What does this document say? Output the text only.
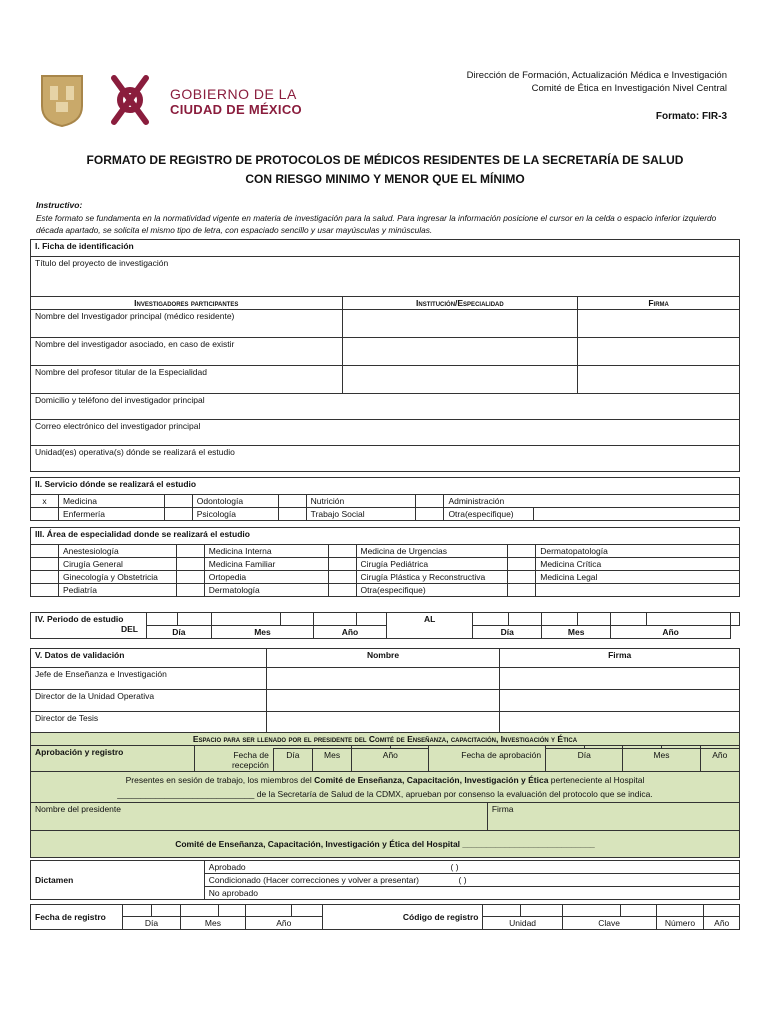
GOBIERNO DE LA
CIUDAD DE MÉXICO
Dirección de Formación, Actualización Médica e Investigación
Comité de Ética en Investigación Nivel Central
Formato: FIR-3
FORMATO DE REGISTRO DE PROTOCOLOS DE MÉDICOS RESIDENTES DE LA SECRETARÍA DE SALUD
CON RIESGO MINIMO Y MENOR QUE EL MÍNIMO
Instructivo:
Este formato se fundamenta en la normatividad vigente en materia de investigación para la salud. Para ingresar la información posicione el cursor en la celda o espacio inferior izquierdo década apartado, se solicita el mismo tipo de letra, con espaciado sencillo y usar mayúsculas y minúsculas.
I. Ficha de identificación		
Título del proyecto de investigación		
Investigadores participantes	Institución/Especialidad	Firma
Nombre del Investigador principal (médico residente)		
Nombre del investigador asociado, en caso de existir		
Nombre del profesor titular de la Especialidad		
Domicilio y teléfono del investigador principal		
Correo electrónico del investigador principal		
Unidad(es) operativa(s) dónde se realizará el estudio		
II. Servicio dónde se realizará el estudio								
x	Medicina		Odontología		Nutrición		Administración	
	Enfermería		Psicología		Trabajo Social		Otra(especifique)	
III. Área de especialidad donde se realizará el estudio							
	Anestesiología		Medicina Interna		Medicina de Urgencias		Dermatopatología
	Cirugía General		Medicina Familiar		Cirugía Pediátrica		Medicina Crítica
	Ginecología y Obstetricia		Ortopedia		Cirugía Plástica y Reconstructiva		Medicina Legal
	Pediatría		Dermatología		Otra(especifique)		
IV. Periodo de estudio
DEL							AL							
	Día		Mes		Año			Día		Mes		Año		
V. Datos de validación	Nombre	Firma
Jefe de Enseñanza e Investigación		
Director de la Unidad Operativa		
Director de Tesis		
Espacio para ser llenado por el presidente del Comité de Enseñanza, capacitación, Investigación y Ética												
Aprobación y registro												
	Fecha de recepción	Día	Mes	Año		Fecha de aprobación		Día		Mes		Año
Presentes en sesión de trabajo, los miembros del Comité de Enseñanza, Capacitación, Investigación y Ética perteneciente al Hospital
_____________________________ de la Secretaría de Salud de la CDMX, aprueban por consenso la evaluación del protocolo que se indica.												
Nombre del presidente							Firma					
Comité de Enseñanza, Capacitación, Investigación y Ética del Hospital ____________________________												
Dictamen	Aprobado	( )

Condicionado (Hacer correcciones y volver a presentar)	( )

No aprobado
Fecha de registro							Código de registro						
	Día		Mes		Año			Unidad		Clave		Número	Año
